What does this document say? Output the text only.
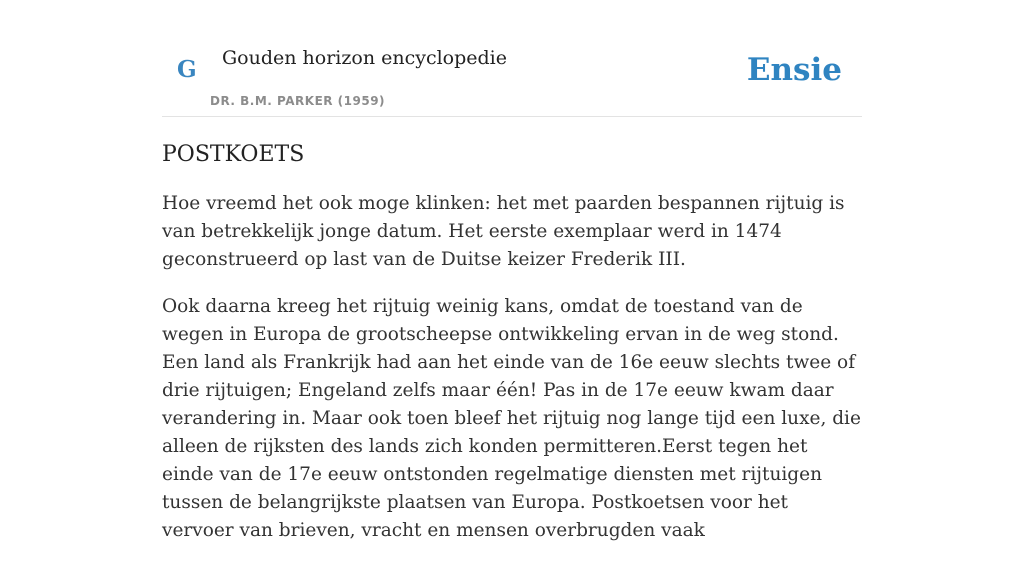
G Gouden horizon encyclopedie
DR. B.M. PARKER (1959)
Ensie
POSTKOETS

Hoe vreemd het ook moge klinken: het met paarden bespannen rijtuig is van betrekkelijk jonge datum. Het eerste exemplaar werd in 1474 geconstrueerd op last van de Duitse keizer Frederik III.

Ook daarna kreeg het rijtuig weinig kans, omdat de toestand van de wegen in Europa de grootscheepse ontwikkeling ervan in de weg stond. Een land als Frankrijk had aan het einde van de 16e eeuw slechts twee of drie rijtuigen; Engeland zelfs maar één! Pas in de 17e eeuw kwam daar verandering in. Maar ook toen bleef het rijtuig nog lange tijd een luxe, die alleen de rijksten des lands zich konden permitteren.Eerst tegen het einde van de 17e eeuw ontstonden regelmatige diensten met rijtuigen tussen de belangrijkste plaatsen van Europa. Postkoetsen voor het vervoer van brieven, vracht en mensen overbrugden vaak
